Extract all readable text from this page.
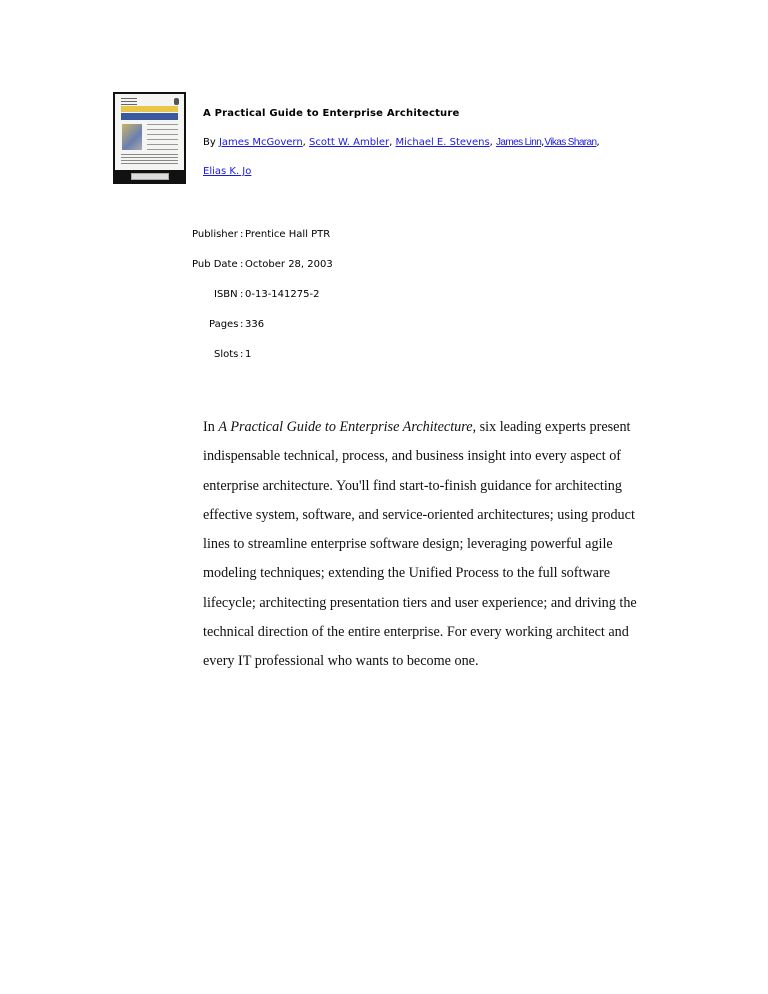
A Practical Guide to Enterprise Architecture
By James McGovern, Scott W. Ambler, Michael E. Stevens, James Linn,Vikas Sharan,
Elias K. Jo
Publisher : Prentice Hall PTR
Pub Date : October 28, 2003
ISBN : 0-13-141275-2
Pages : 336
Slots : 1

In A Practical Guide to Enterprise Architecture, six leading experts present indispensable technical, process, and business insight into every aspect of enterprise architecture. You'll find start-to-finish guidance for architecting effective system, software, and service-oriented architectures; using product lines to streamline enterprise software design; leveraging powerful agile modeling techniques; extending the Unified Process to the full software lifecycle; architecting presentation tiers and user experience; and driving the technical direction of the entire enterprise. For every working architect and every IT professional who wants to become one.
